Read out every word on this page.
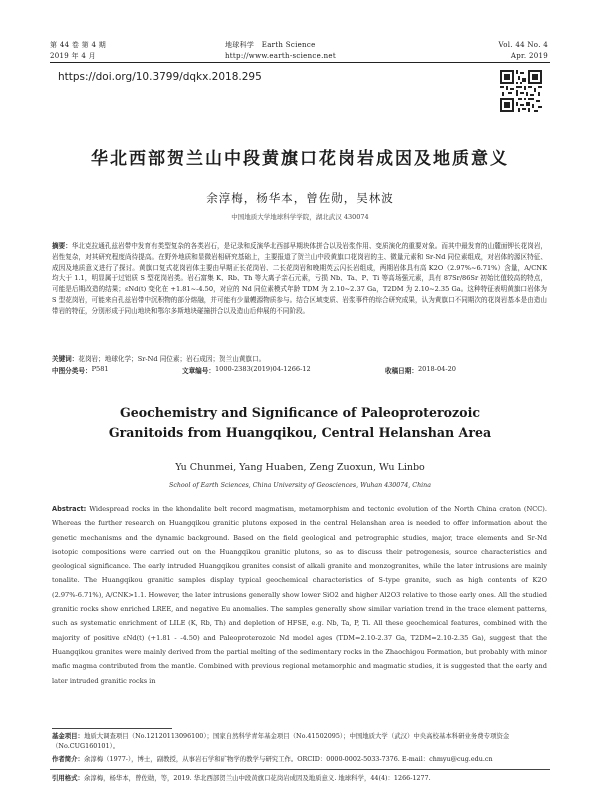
第 44 卷 第 4 期
2019 年 4 月
地球科学 Earth Science
http://www.earth-science.net
Vol. 44 No. 4
Apr. 2019
https://doi.org/10.3799/dqkx.2018.295
华北西部贺兰山中段黄旗口花岗岩成因及地质意义
余淳梅，杨华本，曾佐勋，吴林波
中国地质大学地球科学学院，湖北武汉 430074
摘要：华北克拉通孔兹岩带中发育有类型复杂的各类岩石，是记录和反演华北西部早期块体拼合以及岩浆作用、变质演化的重要对象。而其中最发育的山麓面钾长花岗岩，岩性复杂，对其研究程度尚待提高。在野外地质和显微岩相研究基础上，主要报道了贺兰山中段黄旗口花岗岩的主、微量元素和 Sr-Nd 同位素组成，对岩体的源区特征、成因及地质意义进行了探讨。黄旗口复式花岗岩体主要由早期正长花岗岩、二长花岗岩和晚期英云闪长岩组成，两期岩体具有高 K2O（2.97%~6.71%）含量，A/CNK 均大于 1.1，明显属于过铝质 S 型花岗岩类。岩石富集 K、Rb、Th 等大离子亲石元素，亏损 Nb、Ta、P、Ti 等高场强元素，具有 87Sr/86Sr 初始比值较高的特点，可能是后期改造的结果；εNd(t) 变化在 +1.81~-4.50，对应的 Nd 同位素模式年龄 TDM 为 2.10~2.37 Ga，T2DM 为 2.10~2.35 Ga。这种特征表明黄旗口岩体为 S 型花岗岩，可能来自孔兹岩带中沉积物的部分熔融，并可能有少量幔源物质参与。结合区域变质、岩浆事件的综合研究成果，认为黄旗口不同期次的花岗岩基本是由造山带岩的特征，分别形成于同山地块和鄂尔多斯地块碰撞拼合以及造山后伸展的不同阶段。
关键词：花岗岩；地球化学；Sr-Nd 同位素；岩石成因；贺兰山黄旗口。
中图分类号： P581	文章编号： 1000-2383(2019)04-1266-12	收稿日期： 2018-04-20
Geochemistry and Significance of Paleoproterozoic Granitoids from Huangqikou, Central Helanshan Area
Yu Chunmei, Yang Huaben, Zeng Zuoxun, Wu Linbo
School of Earth Sciences, China University of Geosciences, Wuhan 430074, China
Abstract: Widespread rocks in the khondalite belt record magmatism, metamorphism and tectonic evolution of the North China craton (NCC). Whereas the further research on Huangqikou granitic plutons exposed in the central Helanshan area is needed to offer information about the genetic mechanisms and the dynamic background. Based on the field geological and petrographic studies, major, trace elements and Sr-Nd isotopic compositions were carried out on the Huangqikou granitic plutons, so as to discuss their petrogenesis, source characteristics and geological significance. The early intruded Huangqikou granites consist of alkali granite and monzogranites, while the later intrusions are mainly tonalite. The Huangqikou granitic samples display typical geochemical characteristics of S-type granite, such as high contents of K2O (2.97%-6.71%), A/CNK>1.1. However, the later intrusions generally show lower SiO2 and higher Al2O3 relative to those early ones. All the studied granitic rocks show enriched LREE, and negative Eu anomalies. The samples generally show similar variation trend in the trace element patterns, such as systematic enrichment of LILE (K, Rb, Th) and depletion of HFSE, e.g. Nb, Ta, P, Ti. All these geochemical features, combined with the majority of positive εNd(t) (+1.81 - -4.50) and Paleoproterozoic Nd model ages (TDM=2.10-2.37 Ga, T2DM=2.10-2.35 Ga), suggest that the Huangqikou granites were mainly derived from the partial melting of the sedimentary rocks in the Zhaochigou Formation, but probably with minor mafic magma contributed from the mantle. Combined with previous regional metamorphic and magmatic studies, it is suggested that the early and later intruded granitic rocks in
基金项目：地质大调查项目（No.12120113096100）；国家自然科学青年基金项目（No.41502095）；中国地质大学（武汉）中央高校基本科研业务费专项资金（No.CUG160101）。
作者简介：余淳梅（1977-），博士，副教授，从事岩石学和矿物学的教学与研究工作。ORCID：0000-0002-5033-7376. E-mail：chmyu@cug.edu.cn
引用格式：余淳梅，杨华本，曾佐勋，等，2019. 华北西部贺兰山中段黄旗口花岗岩成因及地质意义. 地球科学，44(4)：1266-1277.
